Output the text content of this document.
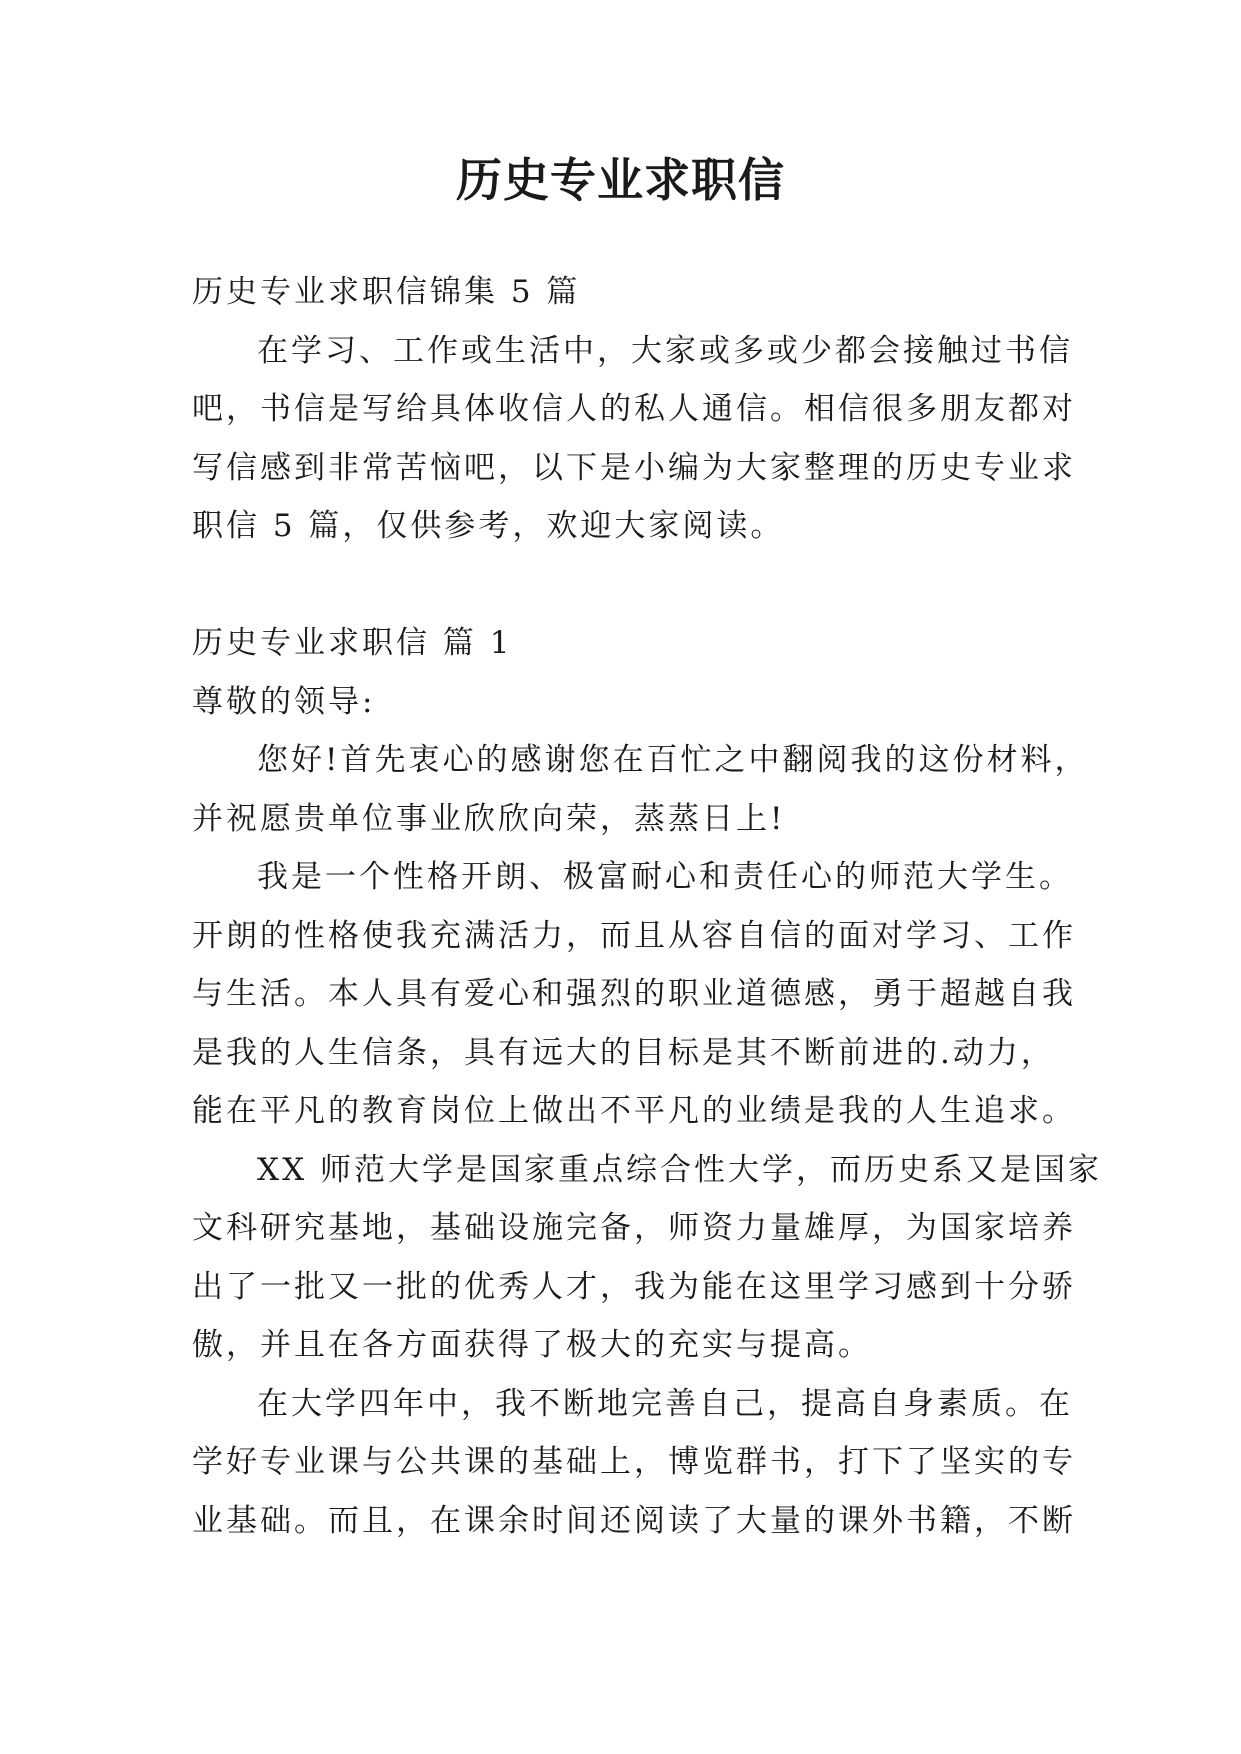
历史专业求职信
历史专业求职信锦集 5 篇
在学习、工作或生活中，大家或多或少都会接触过书信
吧，书信是写给具体收信人的私人通信。相信很多朋友都对
写信感到非常苦恼吧，以下是小编为大家整理的历史专业求
职信 5 篇，仅供参考，欢迎大家阅读。
历史专业求职信 篇 1
尊敬的领导:
您好!首先衷心的感谢您在百忙之中翻阅我的这份材料，
并祝愿贵单位事业欣欣向荣，蒸蒸日上!
我是一个性格开朗、极富耐心和责任心的师范大学生。
开朗的性格使我充满活力，而且从容自信的面对学习、工作
与生活。本人具有爱心和强烈的职业道德感，勇于超越自我
是我的人生信条，具有远大的目标是其不断前进的.动力，
能在平凡的教育岗位上做出不平凡的业绩是我的人生追求。
XX 师范大学是国家重点综合性大学，而历史系又是国家
文科研究基地，基础设施完备，师资力量雄厚，为国家培养
出了一批又一批的优秀人才，我为能在这里学习感到十分骄
傲，并且在各方面获得了极大的充实与提高。
在大学四年中，我不断地完善自己，提高自身素质。在
学好专业课与公共课的基础上，博览群书，打下了坚实的专
业基础。而且，在课余时间还阅读了大量的课外书籍，不断
